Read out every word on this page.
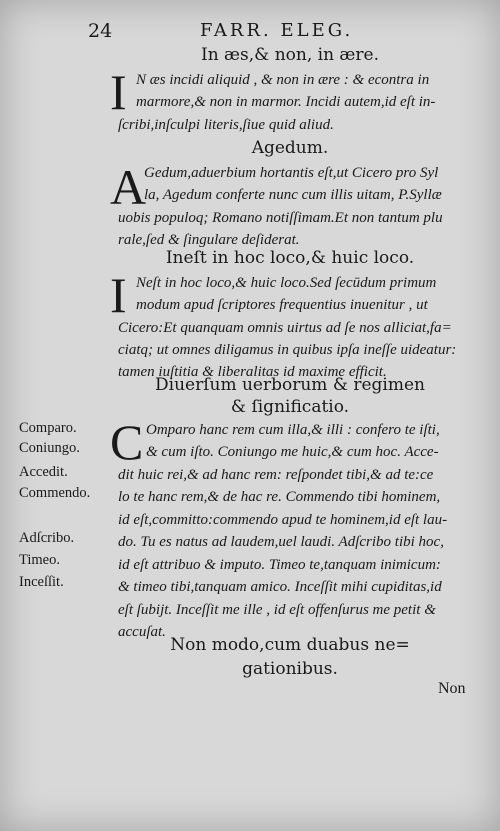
24	FARR. ELEG.
In æs,& non, in ære.
I N æs incidi aliquid , & non in ære : & econtra in
marmore,& non in marmor. Incidi autem,id eſt in-
ſcribi,inſculpi literis,ſiue quid aliud.
Agedum.
A
Gedum,aduerbium hortantis eſt,ut Cicero pro Syl
la, Agedum conferte nunc cum illis uitam, P.Syllæ
uobis populoq; Romano notiſſimam.Et non tantum plu
rale,ſed & ſingulare deſiderat.
Ineſt in hoc loco,& huic loco.
I Neſt in hoc loco,& huic loco.Sed ſecūdum primum
modum apud ſcriptores frequentius inuenitur , ut
Cicero:Et quanquam omnis uirtus ad ſe nos alliciat,fa=
ciatq; ut omnes diligamus in quibus ipſa ineſſe uideatur:
tamen iuſtitia & liberalitas id maxime efficit.
Diuerſum uerborum & regimen
& ſignificatio.
C Omparo hanc rem cum illa,& illi : confero te iſti,
& cum iſto. Coniungo me huic,& cum hoc. Acce-
dit huic rei,& ad hanc rem: reſpondet tibi,& ad te:ce
lo te hanc rem,& de hac re. Commendo tibi hominem,
id eſt,committo:commendo apud te hominem,id eſt lau-
do. Tu es natus ad laudem,uel laudi. Adſcribo tibi hoc,
id eſt attribuo & imputo. Timeo te,tanquam inimicum:
& timeo tibi,tanquam amico. Inceſſit mihi cupiditas,id
eſt ſubijt. Inceſſit me ille , id eſt offenſurus me petit &
accuſat.
Comparo.
Coniungo.
Accedit.
Commendo.
Adſcribo.
Timeo.
Inceſſit.
Non modo,cum duabus ne=
gationibus.
Non
